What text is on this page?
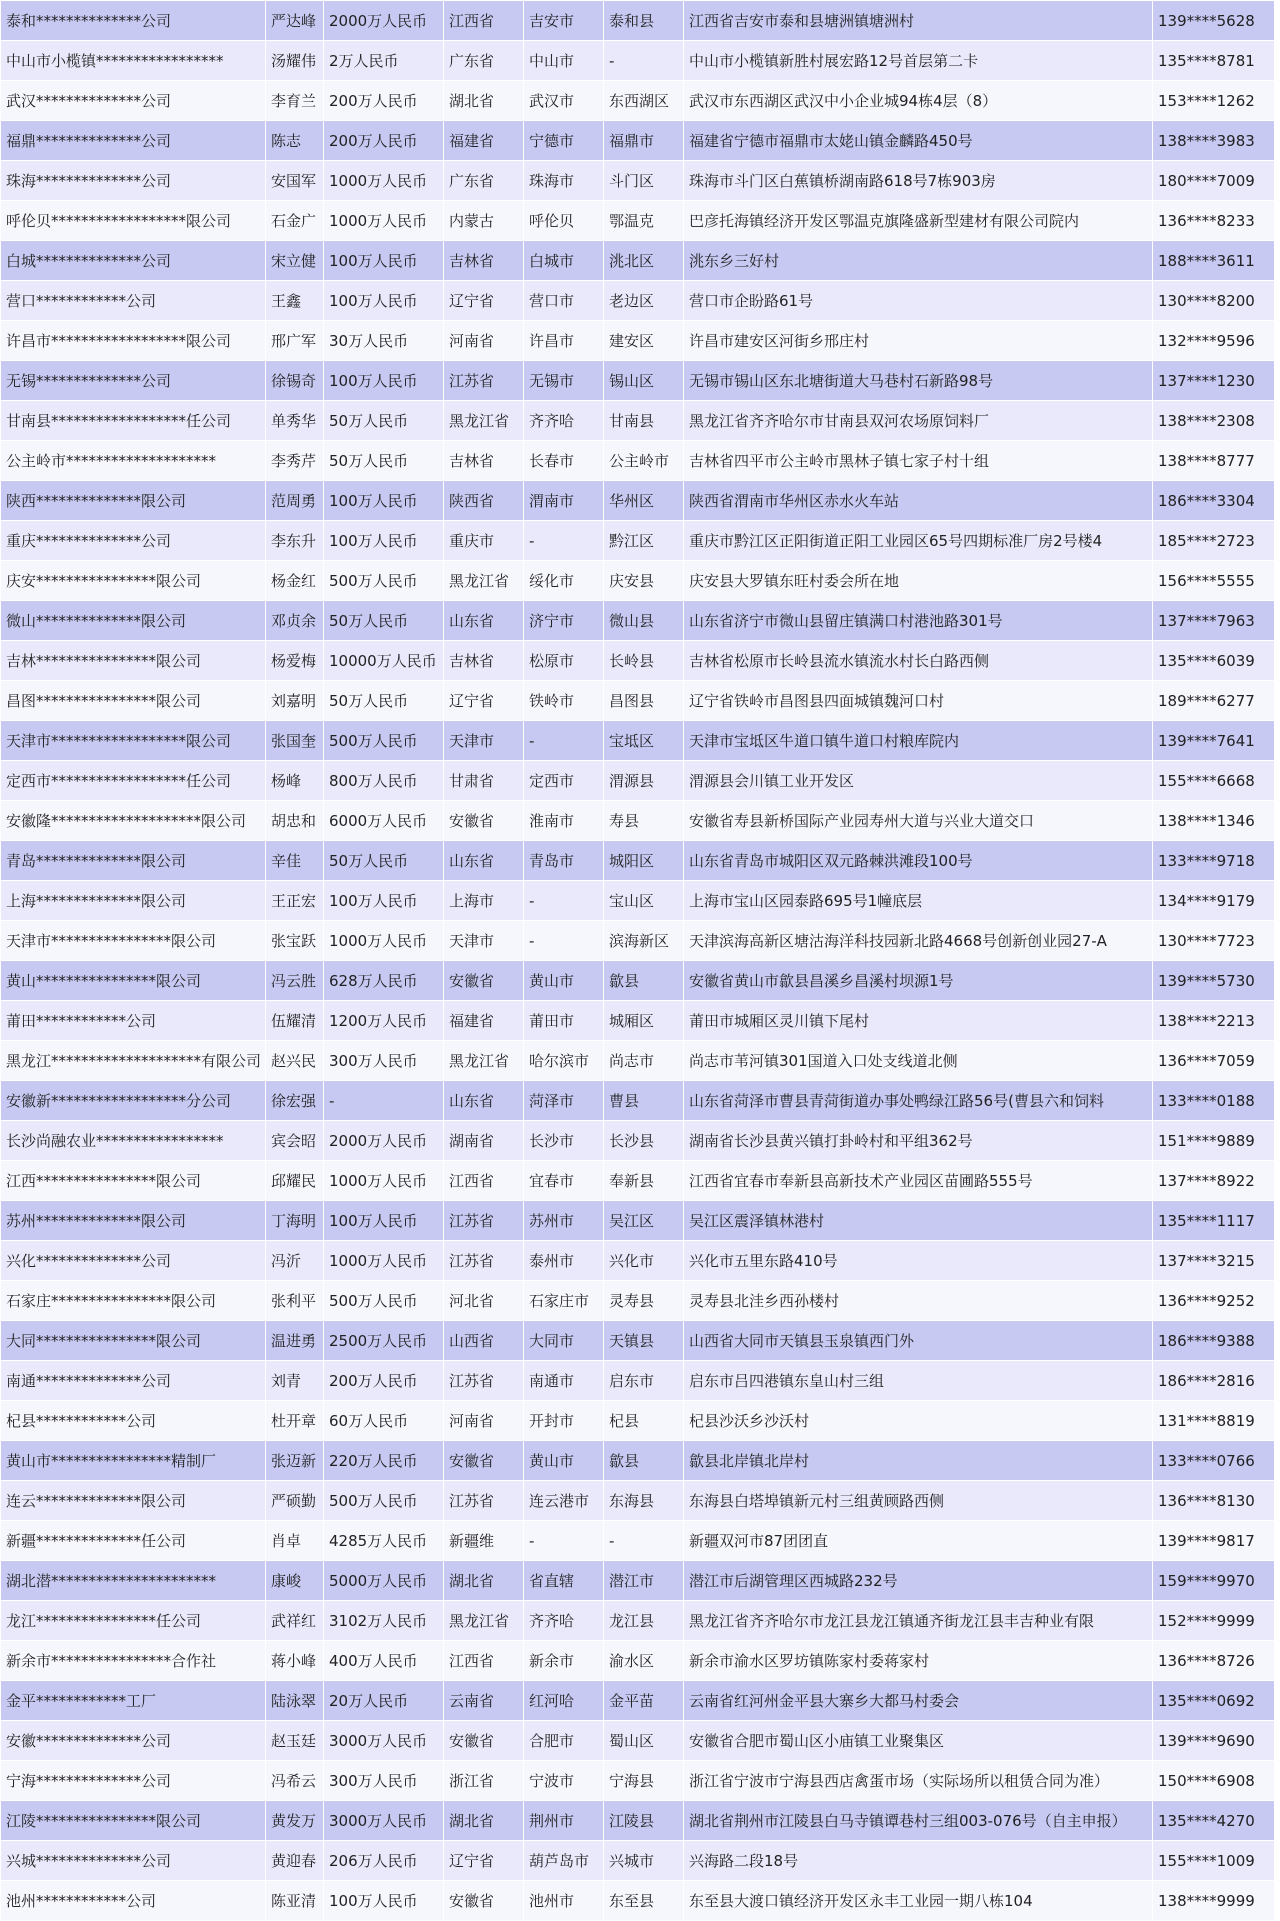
泰和**************公司	严达峰	2000万人民币	江西省	吉安市	泰和县	江西省吉安市泰和县塘洲镇塘洲村	139****5628
中山市小榄镇*****************	汤耀伟	2万人民币	广东省	中山市	-	中山市小榄镇新胜村展宏路12号首层第二卡	135****8781
武汉**************公司	李育兰	200万人民币	湖北省	武汉市	东西湖区	武汉市东西湖区武汉中小企业城94栋4层（8）	153****1262
福鼎**************公司	陈志	200万人民币	福建省	宁德市	福鼎市	福建省宁德市福鼎市太姥山镇金麟路450号	138****3983
珠海**************公司	安国军	1000万人民币	广东省	珠海市	斗门区	珠海市斗门区白蕉镇桥湖南路618号7栋903房	180****7009
呼伦贝******************限公司	石金广	1000万人民币	内蒙古	呼伦贝	鄂温克	巴彦托海镇经济开发区鄂温克旗隆盛新型建材有限公司院内	136****8233
白城**************公司	宋立健	100万人民币	吉林省	白城市	洮北区	洮东乡三好村	188****3611
营口************公司	王鑫	100万人民币	辽宁省	营口市	老边区	营口市企盼路61号	130****8200
许昌市******************限公司	邢广军	30万人民币	河南省	许昌市	建安区	许昌市建安区河街乡邢庄村	132****9596
无锡**************公司	徐锡奇	100万人民币	江苏省	无锡市	锡山区	无锡市锡山区东北塘街道大马巷村石新路98号	137****1230
甘南县******************任公司	单秀华	50万人民币	黑龙江省	齐齐哈	甘南县	黑龙江省齐齐哈尔市甘南县双河农场原饲料厂	138****2308
公主岭市********************	李秀芹	50万人民币	吉林省	长春市	公主岭市	吉林省四平市公主岭市黑林子镇七家子村十组	138****8777
陕西**************限公司	范周勇	100万人民币	陕西省	渭南市	华州区	陕西省渭南市华州区赤水火车站	186****3304
重庆**************公司	李东升	100万人民币	重庆市	-	黔江区	重庆市黔江区正阳街道正阳工业园区65号四期标准厂房2号楼4	185****2723
庆安****************限公司	杨金红	500万人民币	黑龙江省	绥化市	庆安县	庆安县大罗镇东旺村委会所在地	156****5555
微山**************限公司	邓贞余	50万人民币	山东省	济宁市	微山县	山东省济宁市微山县留庄镇满口村港池路301号	137****7963
吉林****************限公司	杨爱梅	10000万人民币	吉林省	松原市	长岭县	吉林省松原市长岭县流水镇流水村长白路西侧	135****6039
昌图****************限公司	刘嘉明	50万人民币	辽宁省	铁岭市	昌图县	辽宁省铁岭市昌图县四面城镇魏河口村	189****6277
天津市******************限公司	张国奎	500万人民币	天津市	-	宝坻区	天津市宝坻区牛道口镇牛道口村粮库院内	139****7641
定西市******************任公司	杨峰	800万人民币	甘肃省	定西市	渭源县	渭源县会川镇工业开发区	155****6668
安徽隆********************限公司	胡忠和	6000万人民币	安徽省	淮南市	寿县	安徽省寿县新桥国际产业园寿州大道与兴业大道交口	138****1346
青岛**************限公司	辛佳	50万人民币	山东省	青岛市	城阳区	山东省青岛市城阳区双元路棘洪滩段100号	133****9718
上海**************限公司	王正宏	100万人民币	上海市	-	宝山区	上海市宝山区园泰路695号1幢底层	134****9179
天津市****************限公司	张宝跃	1000万人民币	天津市	-	滨海新区	天津滨海高新区塘沽海洋科技园新北路4668号创新创业园27-A	130****7723
黄山****************限公司	冯云胜	628万人民币	安徽省	黄山市	歙县	安徽省黄山市歙县昌溪乡昌溪村坝源1号	139****5730
莆田************公司	伍耀清	1200万人民币	福建省	莆田市	城厢区	莆田市城厢区灵川镇下尾村	138****2213
黑龙江********************有限公司	赵兴民	300万人民币	黑龙江省	哈尔滨市	尚志市	尚志市苇河镇301国道入口处支线道北侧	136****7059
安徽新******************分公司	徐宏强	-	山东省	菏泽市	曹县	山东省菏泽市曹县青菏街道办事处鸭绿江路56号(曹县六和饲料	133****0188
长沙尚融农业*****************	宾会昭	2000万人民币	湖南省	长沙市	长沙县	湖南省长沙县黄兴镇打卦岭村和平组362号	151****9889
江西****************限公司	邱耀民	1000万人民币	江西省	宜春市	奉新县	江西省宜春市奉新县高新技术产业园区苗圃路555号	137****8922
苏州**************限公司	丁海明	100万人民币	江苏省	苏州市	吴江区	吴江区震泽镇林港村	135****1117
兴化**************公司	冯沂	1000万人民币	江苏省	泰州市	兴化市	兴化市五里东路410号	137****3215
石家庄****************限公司	张利平	500万人民币	河北省	石家庄市	灵寿县	灵寿县北洼乡西孙楼村	136****9252
大同****************限公司	温进勇	2500万人民币	山西省	大同市	天镇县	山西省大同市天镇县玉泉镇西门外	186****9388
南通**************公司	刘青	200万人民币	江苏省	南通市	启东市	启东市吕四港镇东皇山村三组	186****2816
杞县************公司	杜开章	60万人民币	河南省	开封市	杞县	杞县沙沃乡沙沃村	131****8819
黄山市****************精制厂	张迈新	220万人民币	安徽省	黄山市	歙县	歙县北岸镇北岸村	133****0766
连云**************限公司	严硕勤	500万人民币	江苏省	连云港市	东海县	东海县白塔埠镇新元村三组黄顾路西侧	136****8130
新疆**************任公司	肖卓	4285万人民币	新疆维	-	-	新疆双河市87团团直	139****9817
湖北潜**********************	康峻	5000万人民币	湖北省	省直辖	潜江市	潜江市后湖管理区西城路232号	159****9970
龙江****************任公司	武祥红	3102万人民币	黑龙江省	齐齐哈	龙江县	黑龙江省齐齐哈尔市龙江县龙江镇通齐街龙江县丰吉种业有限	152****9999
新余市****************合作社	蒋小峰	400万人民币	江西省	新余市	渝水区	新余市渝水区罗坊镇陈家村委蒋家村	136****8726
金平************工厂	陆泳翠	20万人民币	云南省	红河哈	金平苗	云南省红河州金平县大寨乡大都马村委会	135****0692
安徽**************公司	赵玉廷	3000万人民币	安徽省	合肥市	蜀山区	安徽省合肥市蜀山区小庙镇工业聚集区	139****9690
宁海**************公司	冯希云	300万人民币	浙江省	宁波市	宁海县	浙江省宁波市宁海县西店禽蛋市场（实际场所以租赁合同为准）	150****6908
江陵****************限公司	黄发万	3000万人民币	湖北省	荆州市	江陵县	湖北省荆州市江陵县白马寺镇谭巷村三组003-076号（自主申报）	135****4270
兴城**************公司	黄迎春	206万人民币	辽宁省	葫芦岛市	兴城市	兴海路二段18号	155****1009
池州************公司	陈亚清	100万人民币	安徽省	池州市	东至县	东至县大渡口镇经济开发区永丰工业园一期八栋104	138****9999
